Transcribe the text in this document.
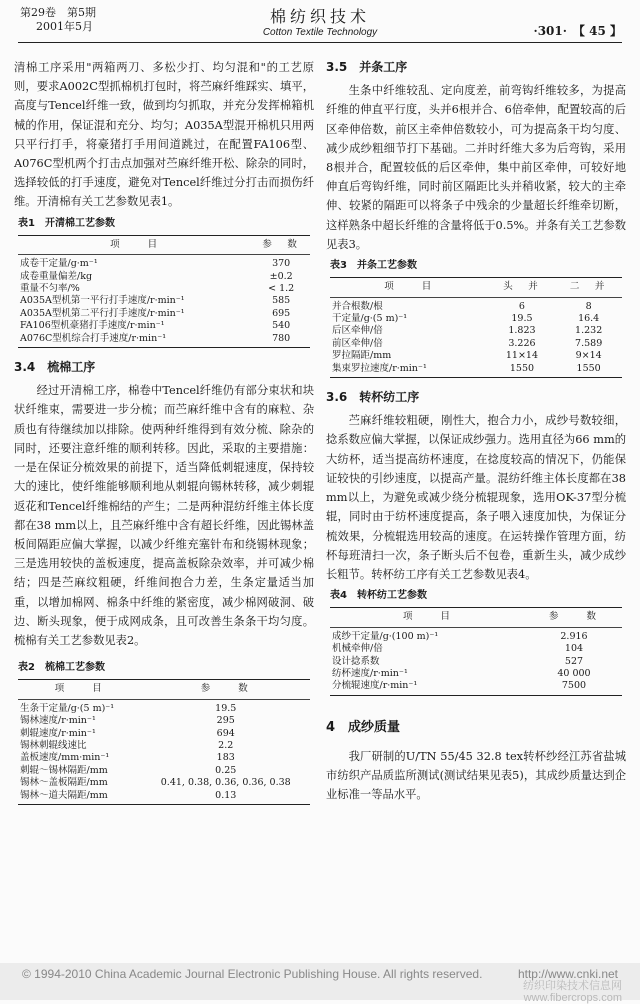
第29卷　第5期
2001年5月
棉纺织技术
Cotton Textile Technology	·301·　【 45 】

清棉工序采用"两箱两刀、多松少打、均匀混和"的工艺原则，要求A002C型抓棉机打包时，将苎麻纤维踩实、填平，高度与Tencel纤维一致，做到均匀抓取，并充分发挥棉箱机械的作用，保证混和充分、均匀；A035A型混开棉机只用两只平行打手，将豪猪打手用间道跳过，在配置FA106型、A076C型机两个打击点加强对苎麻纤维开松、除杂的同时，选择较低的打手速度，避免对Tencel纤维过分打击而损伤纤维。开清棉有关工艺参数见表1。

表1　开清棉工艺参数
项　　目	参　数
成卷干定量/g·m⁻¹	370
成卷重量偏差/kg	±0.2
重量不匀率/%	< 1.2
A035A型机第一平行打手速度/r·min⁻¹	585
A035A型机第二平行打手速度/r·min⁻¹	695
FA106型机豪猪打手速度/r·min⁻¹	540
A076C型机综合打手速度/r·min⁻¹	780
3.4　梳棉工序

经过开清棉工序，棉卷中Tencel纤维仍有部分束状和块状纤维束，需要进一步分梳；而苎麻纤维中含有的麻粒、杂质也有待继续加以排除。使两种纤维得到有效分梳、除杂的同时，还要注意纤维的顺利转移。因此，采取的主要措施：一是在保证分梳效果的前提下，适当降低刺辊速度，保持较大的速比，使纤维能够顺利地从刺辊向锡林转移，减少刺辊返花和Tencel纤维棉结的产生；二是两种混纺纤维主体长度都在38 mm以上，且苎麻纤维中含有超长纤维，因此锡林盖板间隔距应偏大掌握，以减少纤维充塞针布和绕锡林现象；三是选用较快的盖板速度，提高盖板除杂效率，并可减少棉结；四是苎麻纹粗硬，纤维间抱合力差，生条定量适当加重，以增加棉网、棉条中纤维的紧密度，减少棉网破洞、破边、断头现象，便于成网成条，且可改善生条条干均匀度。梳棉有关工艺参数见表2。

表2　梳棉工艺参数
项　　目	参　　数
生条干定量/g·(5 m)⁻¹	19.5
锡林速度/r·min⁻¹	295
刺辊速度/r·min⁻¹	694
锡林刺辊线速比	2.2
盖板速度/mm·min⁻¹	183
刺辊～锡林隔距/mm	0.25
锡林～盖板隔距/mm	0.41, 0.38, 0.36, 0.36, 0.38
锡林～道夫隔距/mm	0.13
3.5　并条工序

生条中纤维较乱、定向度差，前弯钩纤维较多，为提高纤维的伸直平行度，头并6根并合、6倍牵伸，配置较高的后区牵伸倍数，前区主牵伸倍数较小，可为提高条干均匀度、减少成纱粗细节打下基础。二并时纤维大多为后弯钩，采用8根并合，配置较低的后区牵伸，集中前区牵伸，可较好地伸直后弯钩纤维，同时前区隔距比头并稍收紧，较大的主牵伸、较紧的隔距可以将条子中残余的少量超长纤维牵切断，这样熟条中超长纤维的含量将低于0.5%。并条有关工艺参数见表3。

表3　并条工艺参数
项　　目	头　并	二　并
并合根数/根	6	8
干定量/g·(5 m)⁻¹	19.5	16.4
后区牵伸/倍	1.823	1.232
前区牵伸/倍	3.226	7.589
罗拉隔距/mm	11×14	9×14
集束罗拉速度/r·min⁻¹	1550	1550
3.6　转杯纺工序

苎麻纤维较粗硬，刚性大，抱合力小，成纱号数较细，捻系数应偏大掌握，以保证成纱强力。选用直径为66 mm的大纺杯，适当提高纺杯速度，在捻度较高的情况下，仍能保证较快的引纱速度，以提高产量。混纺纤维主体长度都在38 mm以上，为避免或减少绕分梳辊现象，选用OK-37型分梳辊，同时由于纺杯速度提高，条子喂入速度加快，为保证分梳效果，分梳辊选用较高的速度。在运转操作管理方面，纺杯每班清扫一次，条子断头后不包卷，重新生头，减少成纱长粗节。转杯纺工序有关工艺参数见表4。

表4　转杯纺工艺参数
项　　目	参　　数
成纱干定量/g·(100 m)⁻¹	2.916
机械牵伸/倍	104
设计捻系数	527
纺杯速度/r·min⁻¹	40 000
分梳辊速度/r·min⁻¹	7500
4　成纱质量

我厂研制的U/TN 55/45 32.8 tex转杯纱经江苏省盐城市纺织产品质监所测试(测试结果见表5)，其成纱质量达到企业标准一等品水平。

© 1994-2010 China Academic Journal Electronic Publishing House. All rights reserved.	http://www.cnki.net
纺织印染技术信息网
www.fibercrops.com
